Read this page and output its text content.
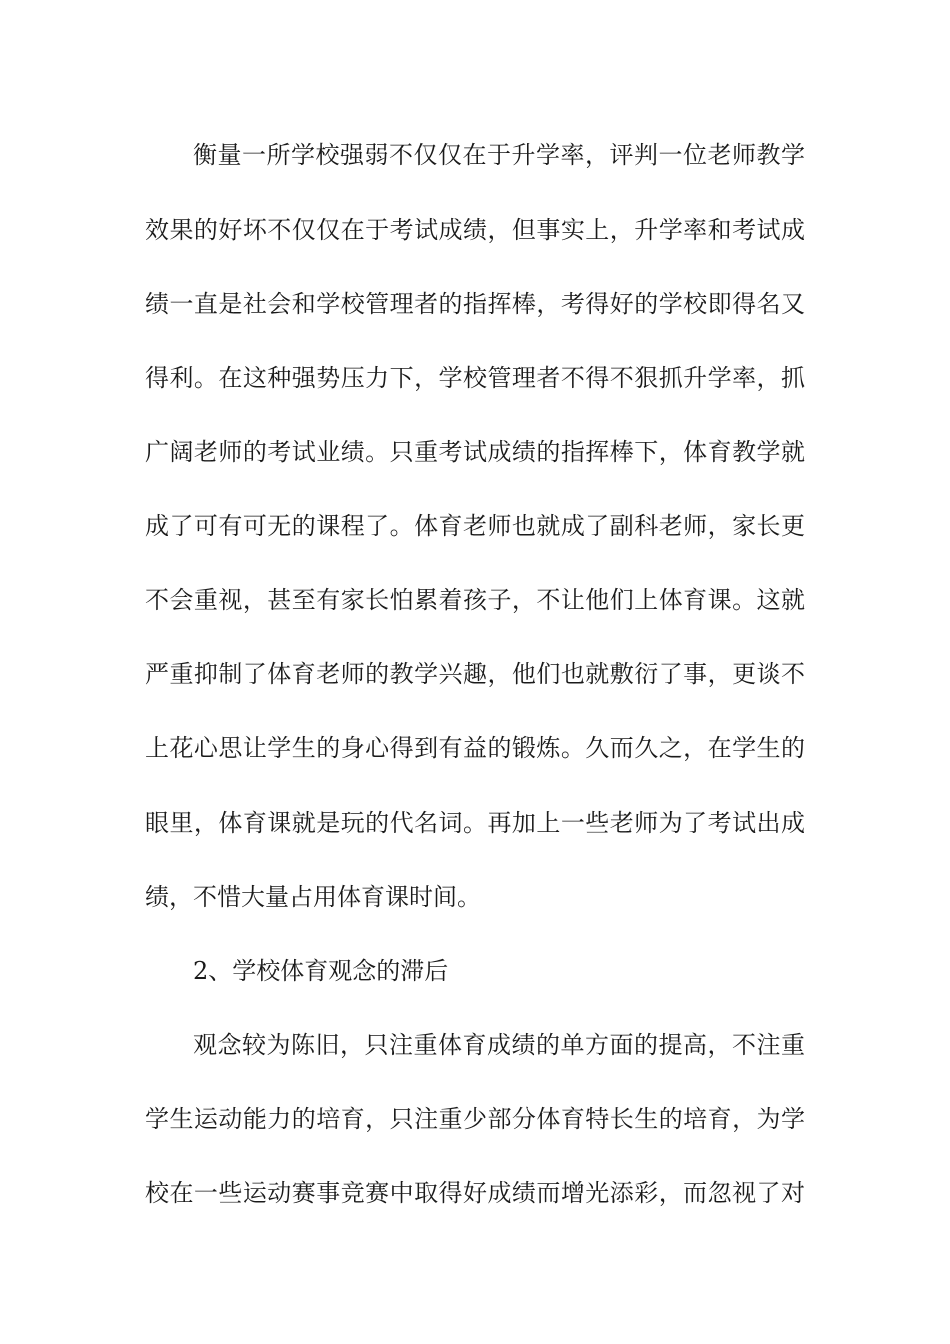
衡量一所学校强弱不仅仅在于升学率，评判一位老师教学
效果的好坏不仅仅在于考试成绩，但事实上，升学率和考试成
绩一直是社会和学校管理者的指挥棒，考得好的学校即得名又
得利。在这种强势压力下，学校管理者不得不狠抓升学率，抓
广阔老师的考试业绩。只重考试成绩的指挥棒下，体育教学就
成了可有可无的课程了。体育老师也就成了副科老师，家长更
不会重视，甚至有家长怕累着孩子，不让他们上体育课。这就
严重抑制了体育老师的教学兴趣，他们也就敷衍了事，更谈不
上花心思让学生的身心得到有益的锻炼。久而久之，在学生的
眼里，体育课就是玩的代名词。再加上一些老师为了考试出成
绩，不惜大量占用体育课时间。
2、学校体育观念的滞后
观念较为陈旧，只注重体育成绩的单方面的提高，不注重
学生运动能力的培育，只注重少部分体育特长生的培育，为学
校在一些运动赛事竞赛中取得好成绩而增光添彩，而忽视了对
